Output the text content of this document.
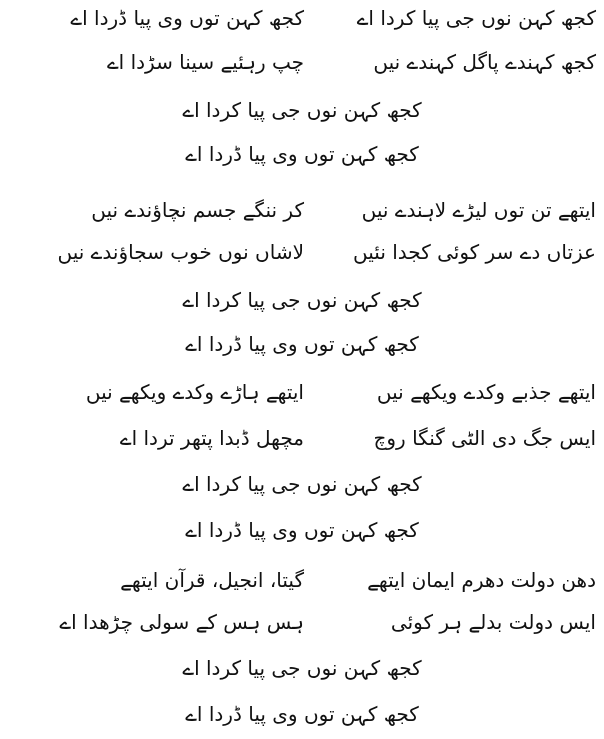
کجھ کہن نوں جی پیا کردا اے
کجھ کہن توں وی پیا ڈردا اے
کجھ کہندے پاگل کہندے نیں
چپ رہئیے سینا سڑدا اے
کجھ کہن نوں جی پیا کردا اے
کجھ کہن توں وی پیا ڈردا اے
ایتھے تن توں لیڑے لاہندے نیں
کر ننگے جسم نچاؤندے نیں
عزتاں دے سر کوئی کجدا نئیں
لاشاں نوں خوب سجاؤندے نیں
کجھ کہن نوں جی پیا کردا اے
کجھ کہن توں وی پیا ڈردا اے
ایتھے جذبے وکدے ویکھے نیں
ایتھے ہاڑے وکدے ویکھے نیں
ایس جگ دی الٹی گنگا روچ
مچھل ڈبدا پتھر تردا اے
کجھ کہن نوں جی پیا کردا اے
کجھ کہن توں وی پیا ڈردا اے
دھن دولت دھرم ایمان ایتھے
گیتا، انجیل، قرآن ایتھے
ایس دولت بدلے ہر کوئی
ہس ہس کے سولی چڑھدا اے
کجھ کہن نوں جی پیا کردا اے
کجھ کہن توں وی پیا ڈردا اے
